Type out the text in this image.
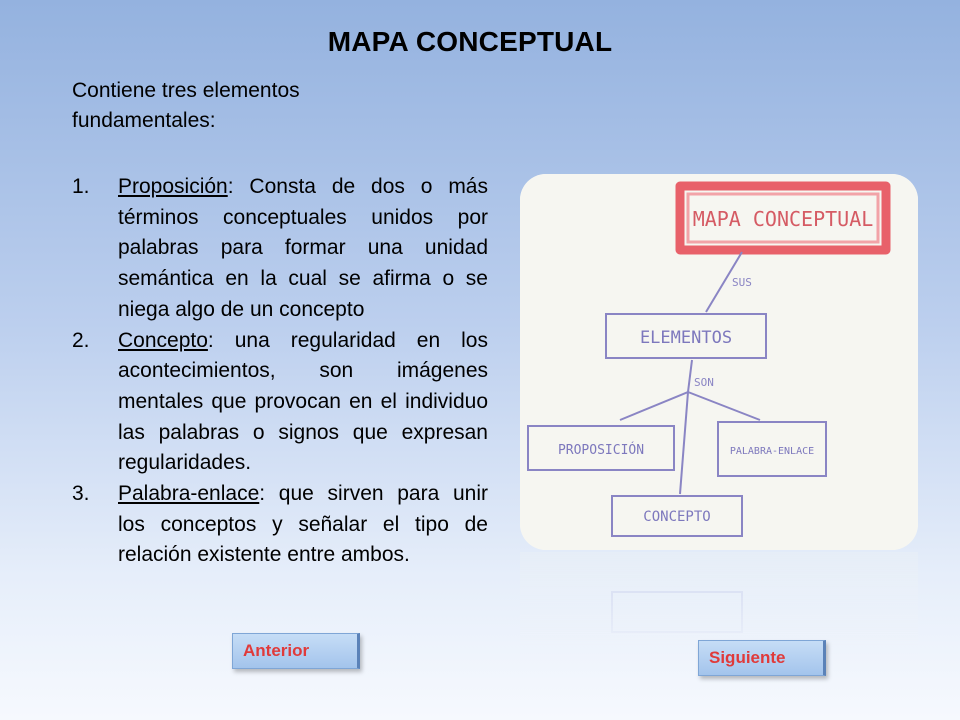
MAPA CONCEPTUAL
Contiene tres elementos fundamentales:
1. Proposición: Consta de dos o más términos conceptuales unidos por palabras para formar una unidad semántica en la cual se afirma o se niega algo de un concepto
2. Concepto: una regularidad en los acontecimientos, son imágenes mentales que provocan en el individuo las palabras o signos que expresan regularidades.
3. Palabra-enlace: que sirven para unir los conceptos y señalar el tipo de relación existente entre ambos.
MAPA CONCEPTUAL
SUS
ELEMENTOS
SON
PROPOSICIÓN	PALABRA-ENLACE
CONCEPTO
Anterior	Siguiente
